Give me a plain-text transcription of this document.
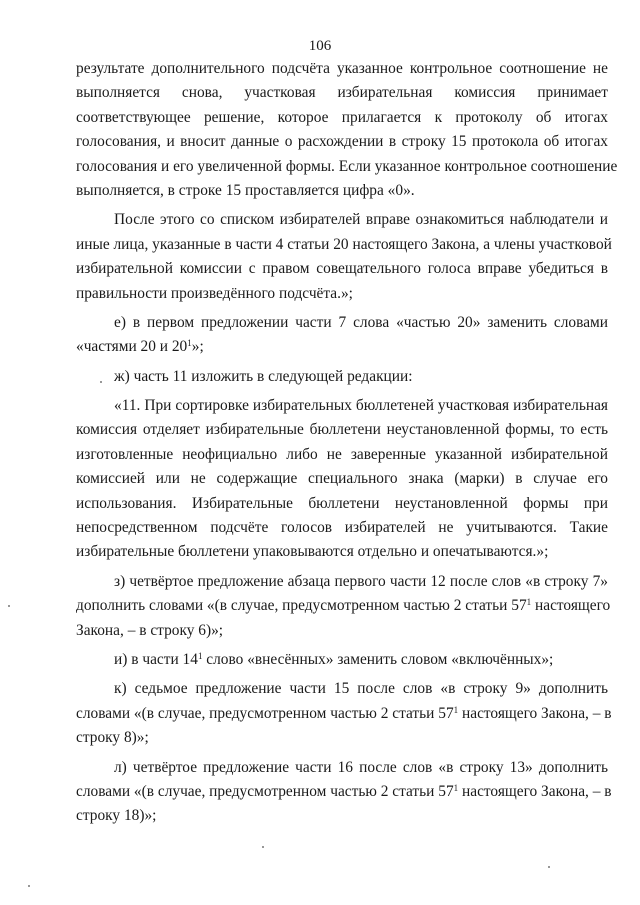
106
результате дополнительного подсчёта указанное контрольное соотношение не
выполняется снова, участковая избирательная комиссия принимает
соответствующее решение, которое прилагается к протоколу об итогах
голосования, и вносит данные о расхождении в строку 15 протокола об итогах
голосования и его увеличенной формы. Если указанное контрольное соотношение
выполняется, в строке 15 проставляется цифра «0».
После этого со списком избирателей вправе ознакомиться наблюдатели и
иные лица, указанные в части 4 статьи 20 настоящего Закона, а члены участковой
избирательной комиссии с правом совещательного голоса вправе убедиться в
правильности произведённого подсчёта.»;
е) в первом предложении части 7 слова «частью 20» заменить словами
«частями 20 и $20^1$»;
ж) часть 11 изложить в следующей редакции:
«11. При сортировке избирательных бюллетеней участковая избирательная
комиссия отделяет избирательные бюллетени неустановленной формы, то есть
изготовленные неофициально либо не заверенные указанной избирательной
комиссией или не содержащие специального знака (марки) в случае его
использования. Избирательные бюллетени неустановленной формы при
непосредственном подсчёте голосов избирателей не учитываются. Такие
избирательные бюллетени упаковываются отдельно и опечатываются.»;
з) четвёртое предложение абзаца первого части 12 после слов «в строку 7»
дополнить словами «(в случае, предусмотренном частью 2 статьи $57^1$ настоящего
Закона, – в строку 6)»;
и) в части $14^1$ слово «внесённых» заменить словом «включённых»;
к) седьмое предложение части 15 после слов «в строку 9» дополнить
словами «(в случае, предусмотренном частью 2 статьи $57^1$ настоящего Закона, – в
строку 8)»;
л) четвёртое предложение части 16 после слов «в строку 13» дополнить
словами «(в случае, предусмотренном частью 2 статьи $57^1$ настоящего Закона, – в
строку 18)»;
